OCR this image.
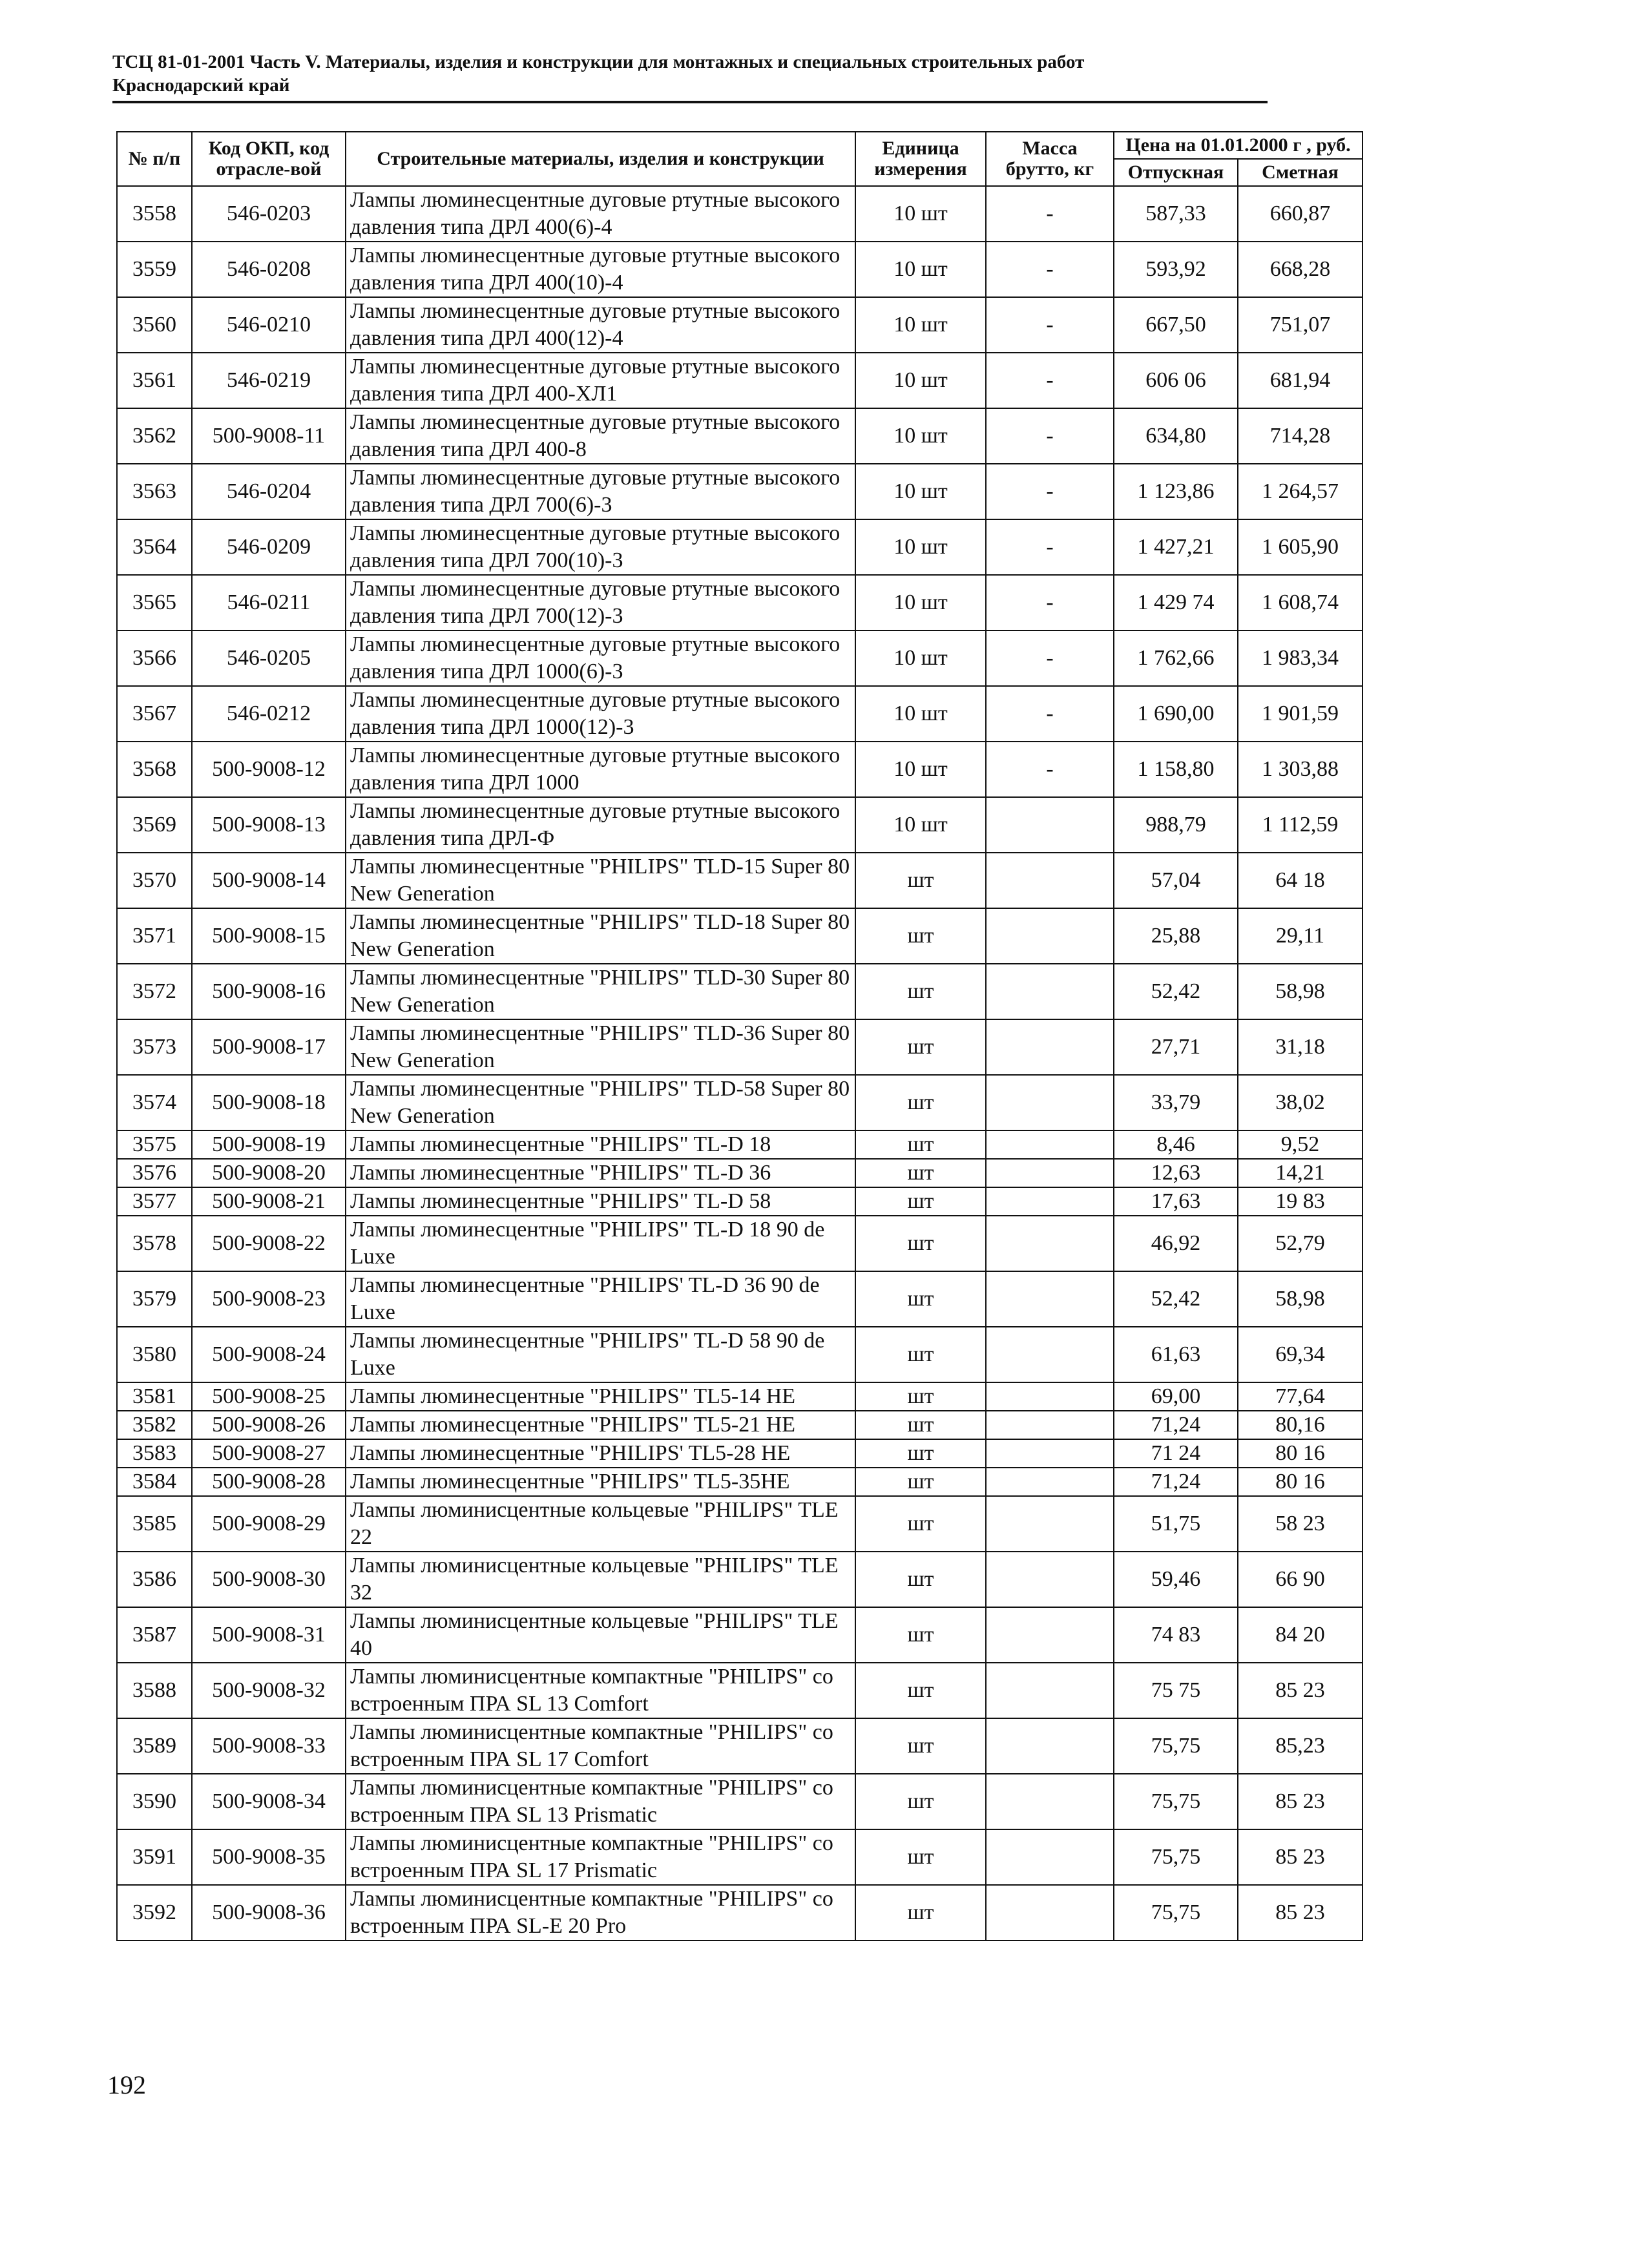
ТСЦ 81-01-2001 Часть V. Материалы, изделия и конструкции для монтажных и специальных строительных работ
Краснодарский край
№ п/п	Код ОКП, код отрасле-вой	Строительные материалы, изделия и конструкции	Единица измерения	Масса брутто, кг	Цена на 01.01.2000 г , руб.	
					Отпускная	Сметная
3558	546-0203	Лампы люминесцентные дуговые ртутные высокого давления типа ДРЛ 400(6)-4	10 шт	-	587,33	660,87
3559	546-0208	Лампы люминесцентные дуговые ртутные высокого давления типа ДРЛ 400(10)-4	10 шт	-	593,92	668,28
3560	546-0210	Лампы люминесцентные дуговые ртутные высокого давления типа ДРЛ 400(12)-4	10 шт	-	667,50	751,07
3561	546-0219	Лампы люминесцентные дуговые ртутные высокого давления типа ДРЛ 400-ХЛ1	10 шт	-	606 06	681,94
3562	500-9008-11	Лампы люминесцентные дуговые ртутные высокого давления типа ДРЛ 400-8	10 шт	-	634,80	714,28
3563	546-0204	Лампы люминесцентные дуговые ртутные высокого давления типа ДРЛ 700(6)-3	10 шт	-	1 123,86	1 264,57
3564	546-0209	Лампы люминесцентные дуговые ртутные высокого давления типа ДРЛ 700(10)-3	10 шт	-	1 427,21	1 605,90
3565	546-0211	Лампы люминесцентные дуговые ртутные высокого давления типа ДРЛ 700(12)-3	10 шт	-	1 429 74	1 608,74
3566	546-0205	Лампы люминесцентные дуговые ртутные высокого давления типа ДРЛ 1000(6)-3	10 шт	-	1 762,66	1 983,34
3567	546-0212	Лампы люминесцентные дуговые ртутные высокого давления типа ДРЛ 1000(12)-3	10 шт	-	1 690,00	1 901,59
3568	500-9008-12	Лампы люминесцентные дуговые ртутные высокого давления типа ДРЛ 1000	10 шт	-	1 158,80	1 303,88
3569	500-9008-13	Лампы люминесцентные дуговые ртутные высокого давления типа ДРЛ-Ф	10 шт		988,79	1 112,59
3570	500-9008-14	Лампы люминесцентные "PHILIPS" TLD-15 Super 80 New Generation	шт		57,04	64 18
3571	500-9008-15	Лампы люминесцентные "PHILIPS" TLD-18 Super 80 New Generation	шт		25,88	29,11
3572	500-9008-16	Лампы люминесцентные "PHILIPS" TLD-30 Super 80 New Generation	шт		52,42	58,98
3573	500-9008-17	Лампы люминесцентные "PHILIPS" TLD-36 Super 80 New Generation	шт		27,71	31,18
3574	500-9008-18	Лампы люминесцентные "PHILIPS" TLD-58 Super 80 New Generation	шт		33,79	38,02
3575	500-9008-19	Лампы люминесцентные "PHILIPS" TL-D 18	шт		8,46	9,52
3576	500-9008-20	Лампы люминесцентные "PHILIPS" TL-D 36	шт		12,63	14,21
3577	500-9008-21	Лампы люминесцентные "PHILIPS" TL-D 58	шт		17,63	19 83
3578	500-9008-22	Лампы люминесцентные "PHILIPS" TL-D 18 90 de Luxe	шт		46,92	52,79
3579	500-9008-23	Лампы люминесцентные "PHILIPS' TL-D 36 90 de Luxe	шт		52,42	58,98
3580	500-9008-24	Лампы люминесцентные "PHILIPS" TL-D 58 90 de Luxe	шт		61,63	69,34
3581	500-9008-25	Лампы люминесцентные "PHILIPS" TL5-14 HE	шт		69,00	77,64
3582	500-9008-26	Лампы люминесцентные "PHILIPS" TL5-21 HE	шт		71,24	80,16
3583	500-9008-27	Лампы люминесцентные "PHILIPS' TL5-28 HE	шт		71 24	80 16
3584	500-9008-28	Лампы люминесцентные "PHILIPS" TL5-35HE	шт		71,24	80 16
3585	500-9008-29	Лампы люминисцентные кольцевые "PHILIPS" TLE 22	шт		51,75	58 23
3586	500-9008-30	Лампы люминисцентные кольцевые "PHILIPS" TLE 32	шт		59,46	66 90
3587	500-9008-31	Лампы люминисцентные кольцевые "PHILIPS" TLE 40	шт		74 83	84 20
3588	500-9008-32	Лампы люминисцентные компактные "PHILIPS" со встроенным ПРА SL 13 Comfort	шт		75 75	85 23
3589	500-9008-33	Лампы люминисцентные компактные "PHILIPS" со встроенным ПРА SL 17 Comfort	шт		75,75	85,23
3590	500-9008-34	Лампы люминисцентные компактные "PHILIPS" со встроенным ПРА SL 13 Prismatic	шт		75,75	85 23
3591	500-9008-35	Лампы люминисцентные компактные "PHILIPS" со встроенным ПРА SL 17 Prismatic	шт		75,75	85 23
3592	500-9008-36	Лампы люминисцентные компактные "PHILIPS" со встроенным ПРА SL-E 20 Pro	шт		75,75	85 23
192
